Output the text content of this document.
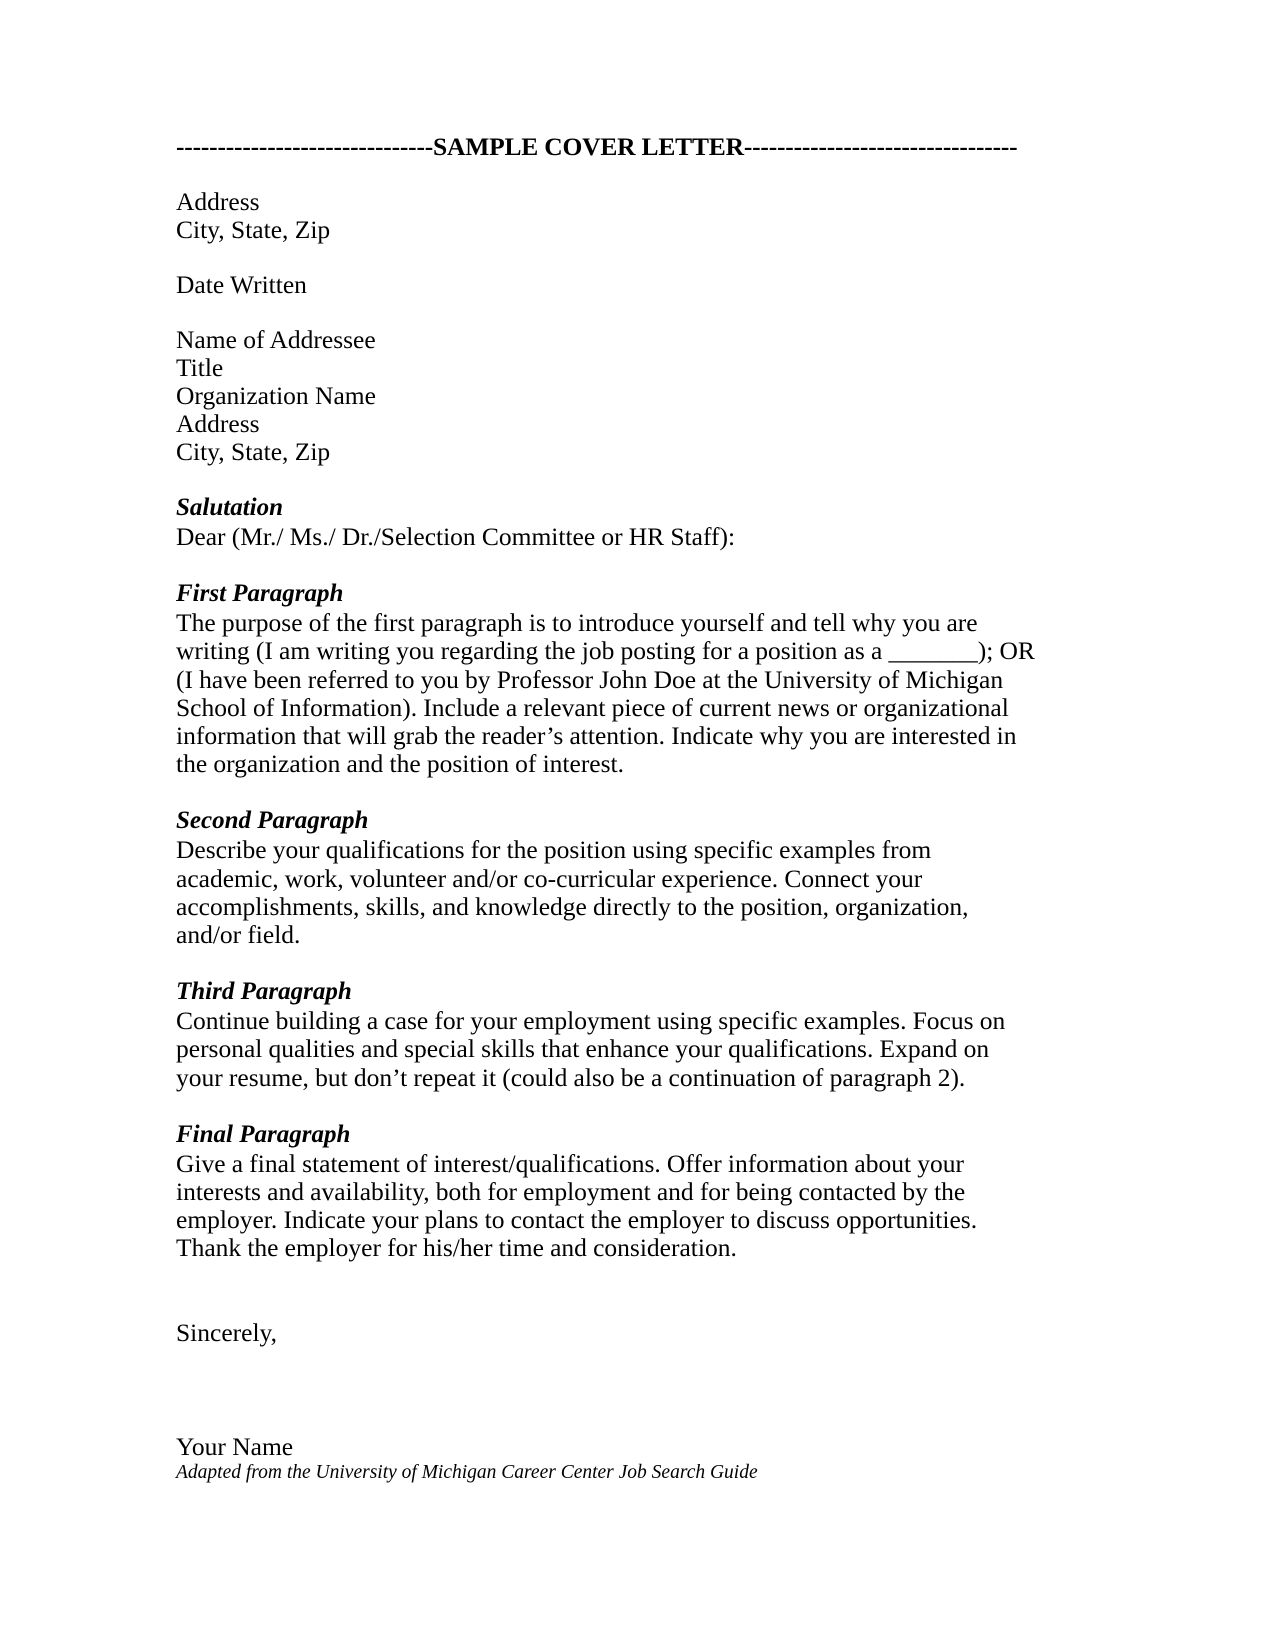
-------------------------------SAMPLE COVER LETTER---------------------------------
Address
City, State, Zip
Date Written
Name of Addressee
Title
Organization Name
Address
City, State, Zip
Salutation
Dear (Mr./ Ms./ Dr./Selection Committee or HR Staff):
First Paragraph
The purpose of the first paragraph is to introduce yourself and tell why you are writing (I am writing you regarding the job posting for a position as a _______); OR (I have been referred to you by Professor John Doe at the University of Michigan School of Information). Include a relevant piece of current news or organizational information that will grab the reader’s attention. Indicate why you are interested in the organization and the position of interest.
Second Paragraph
Describe your qualifications for the position using specific examples from academic, work, volunteer and/or co-curricular experience. Connect your accomplishments, skills, and knowledge directly to the position, organization, and/or field.
Third Paragraph
Continue building a case for your employment using specific examples. Focus on personal qualities and special skills that enhance your qualifications. Expand on your resume, but don’t repeat it (could also be a continuation of paragraph 2).
Final Paragraph
Give a final statement of interest/qualifications. Offer information about your interests and availability, both for employment and for being contacted by the employer. Indicate your plans to contact the employer to discuss opportunities. Thank the employer for his/her time and consideration.
Sincerely,
Your Name
Adapted from the University of Michigan Career Center Job Search Guide
